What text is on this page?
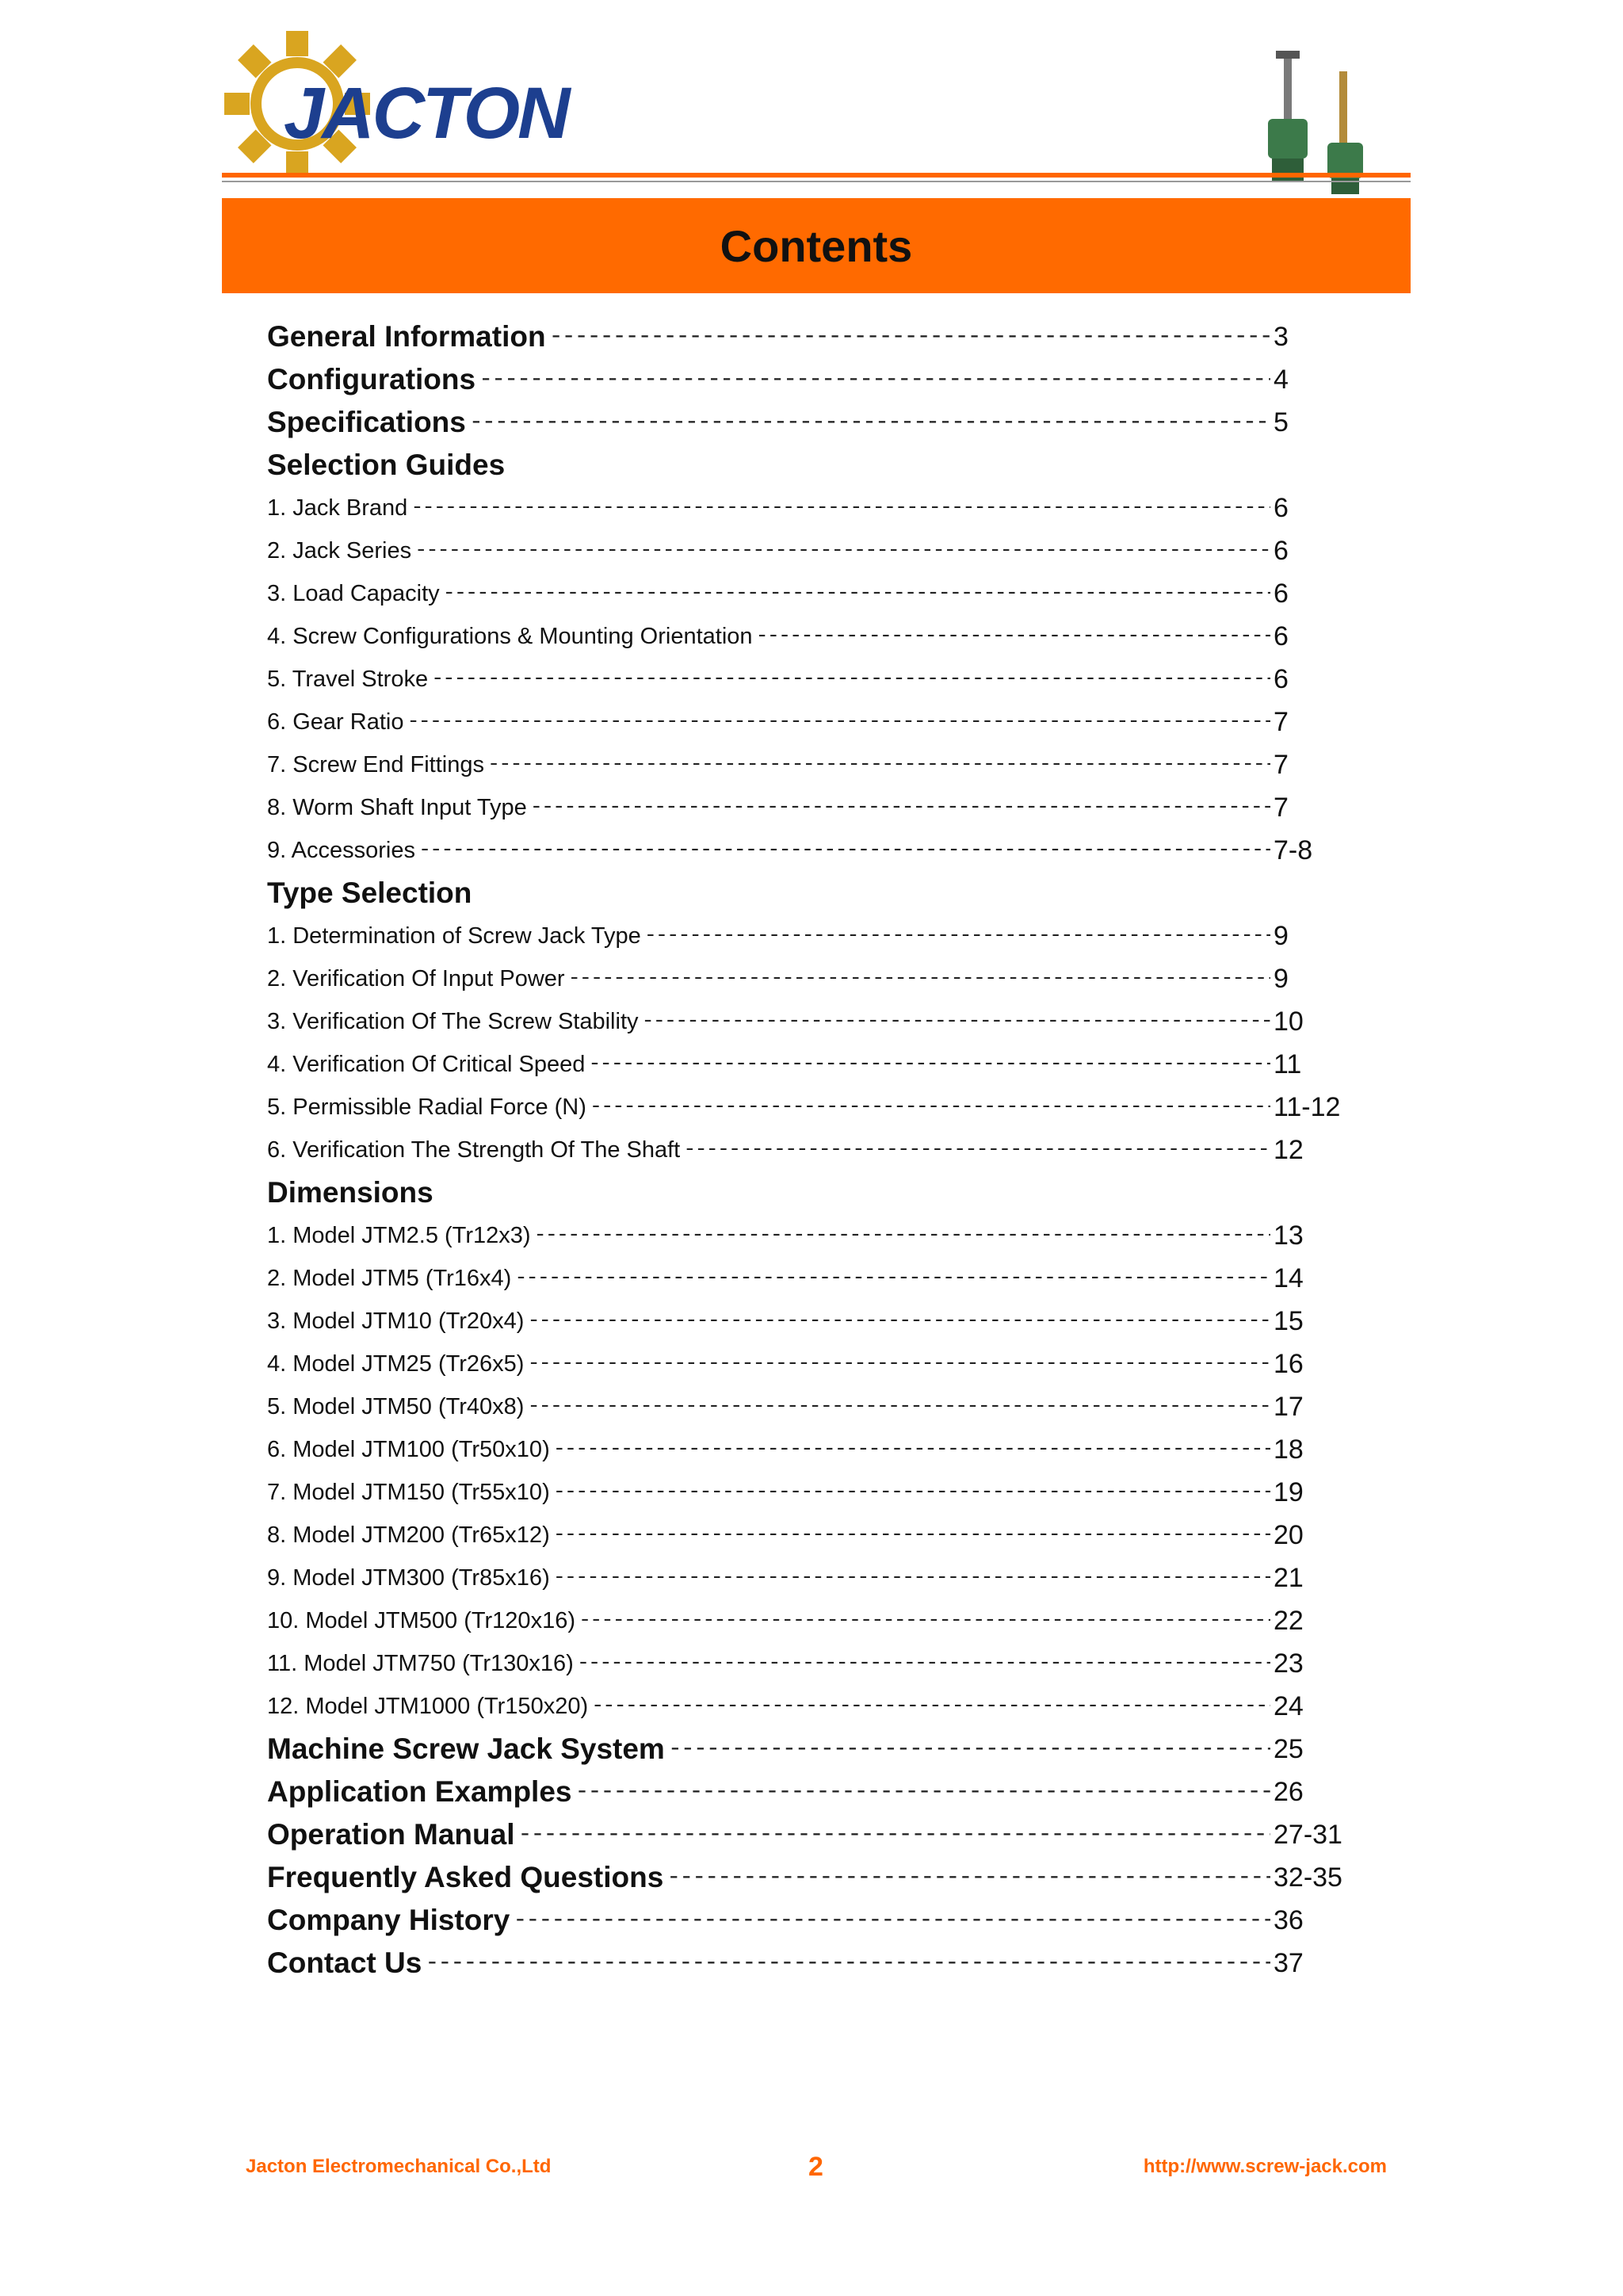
JACTON
Contents
General Information -----	3
Configurations -----	4
Specifications -----	5
Selection Guides
1. Jack Brand -----	6
2. Jack Series -----	6
3. Load Capacity -----	6
4. Screw Configurations & Mounting Orientation -----	6
5. Travel Stroke -----	6
6. Gear Ratio -----	7
7. Screw End Fittings -----	7
8. Worm Shaft Input Type -----	7
9. Accessories -----	7-8
Type Selection
1. Determination of Screw Jack Type -----	9
2. Verification Of Input Power -----	9
3. Verification Of The Screw Stability -----	10
4. Verification Of Critical Speed -----	11
5. Permissible Radial Force (N) -----	11-12
6. Verification The Strength Of The Shaft -----	12
Dimensions
1. Model JTM2.5 (Tr12x3) -----	13
2. Model JTM5 (Tr16x4) -----	14
3. Model JTM10 (Tr20x4) -----	15
4. Model JTM25 (Tr26x5) -----	16
5. Model JTM50 (Tr40x8) -----	17
6. Model JTM100 (Tr50x10) -----	18
7. Model JTM150 (Tr55x10) -----	19
8. Model JTM200 (Tr65x12) -----	20
9. Model JTM300 (Tr85x16) -----	21
10. Model JTM500 (Tr120x16) -----	22
11. Model JTM750 (Tr130x16) -----	23
12. Model JTM1000 (Tr150x20) -----	24
Machine Screw Jack System -----	25
Application Examples -----	26
Operation Manual -----	27-31
Frequently Asked Questions -----	32-35
Company History -----	36
Contact Us -----	37
Jacton Electromechanical Co.,Ltd	2	http://www.screw-jack.com
